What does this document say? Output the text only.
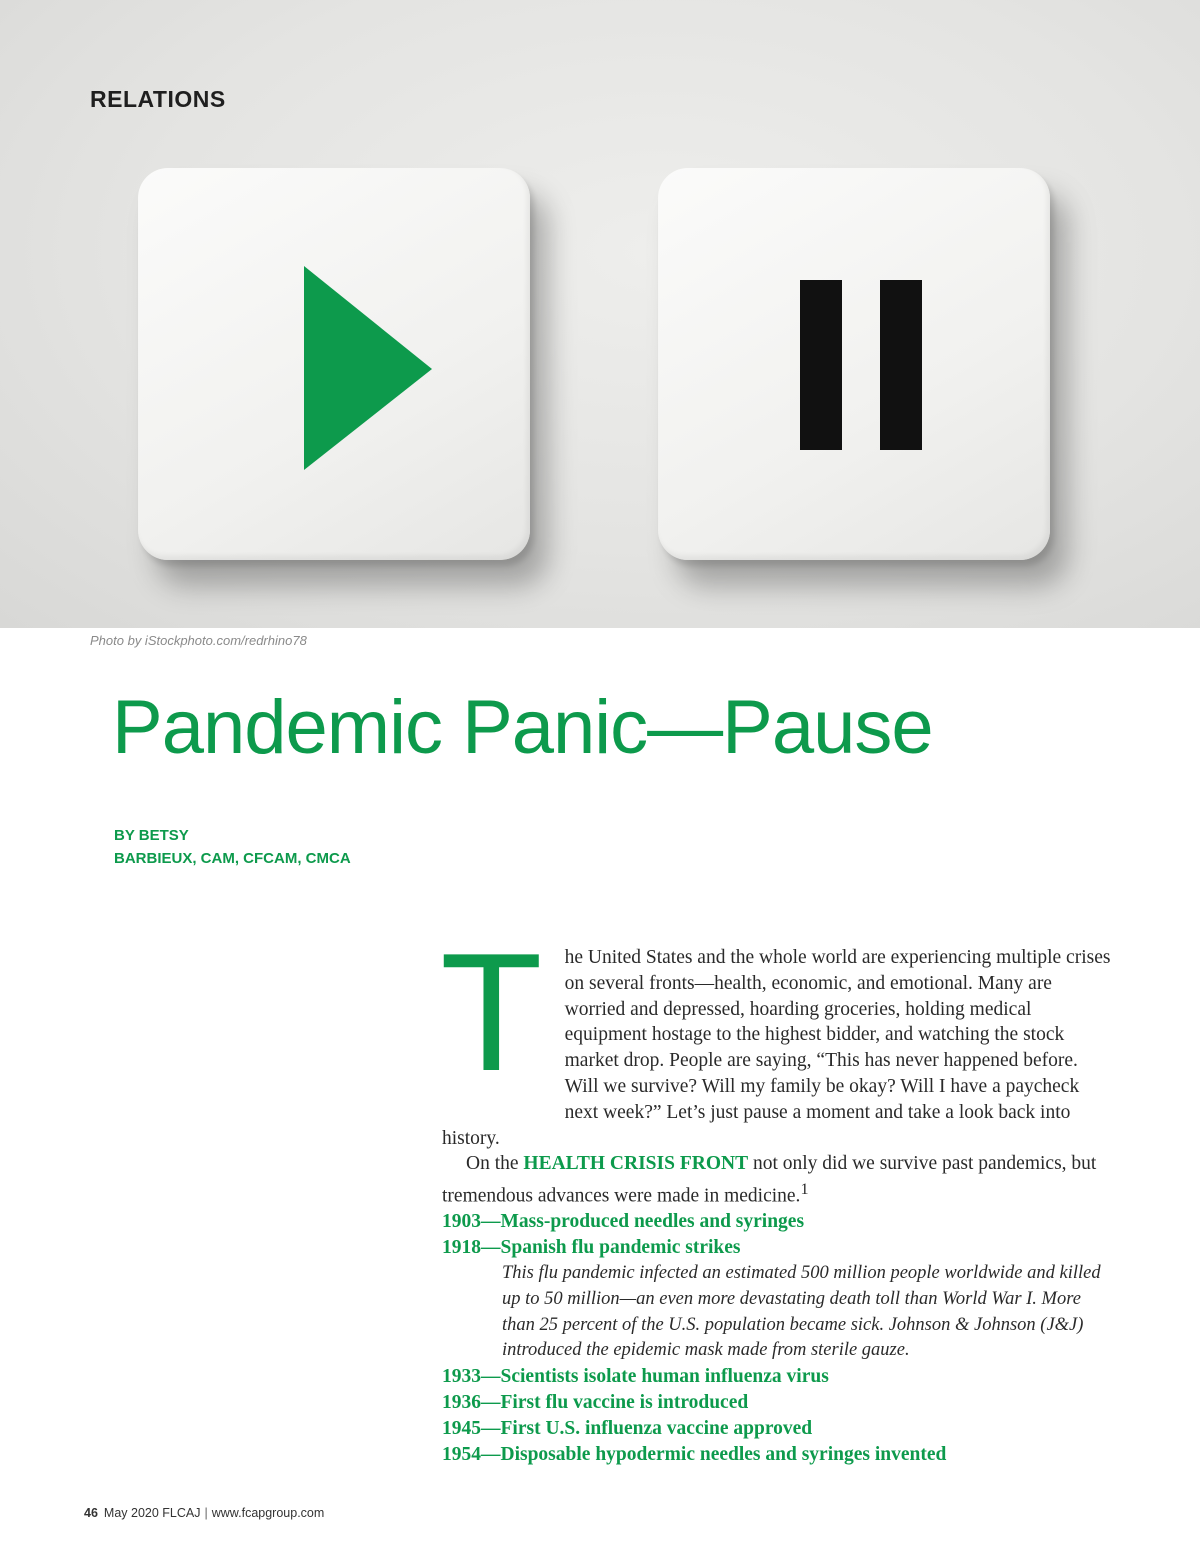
RELATIONS
Photo by iStockphoto.com/redrhino78
Pandemic Panic—Pause
BY BETSY
BARBIEUX, CAM, CFCAM, CMCA
T	he United States and the whole world are experiencing multiple crises on several fronts—health, economic, and emotional. Many are worried and depressed, hoarding groceries, holding medical equipment hostage to the highest bidder, and watching the stock market drop. People are saying, “This has never happened before. Will we survive? Will my family be okay? Will I have a paycheck next week?” Let’s just pause a moment and take a look back into history.

On the HEALTH CRISIS FRONT not only did we survive past pandemics, but tremendous advances were made in medicine.$^1$

1903—Mass-produced needles and syringes
1918—Spanish flu pandemic strikes
This flu pandemic infected an estimated 500 million people worldwide and killed up to 50 million—an even more devastating death toll than World War I. More than 25 percent of the U.S. population became sick. Johnson & Johnson (J&J) introduced the epidemic mask made from sterile gauze.
1933—Scientists isolate human influenza virus
1936—First flu vaccine is introduced
1945—First U.S. influenza vaccine approved
1954—Disposable hypodermic needles and syringes invented
46 May 2020 FLCAJ | www.fcapgroup.com
